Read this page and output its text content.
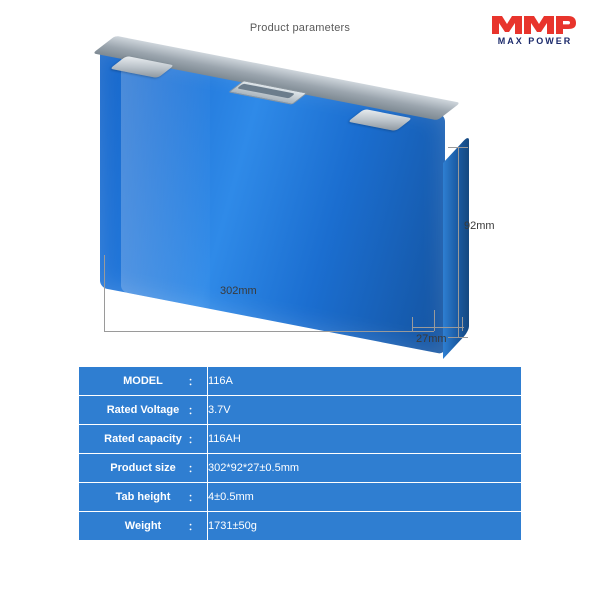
Product parameters
MAX POWER
92mm
302mm
27mm
MODEL ：	116A
Rated Voltage ：	3.7V
Rated capacity ：	116AH
Product size ：	302*92*27±0.5mm
Tab height ：	4±0.5mm
Weight ：	1731±50g
